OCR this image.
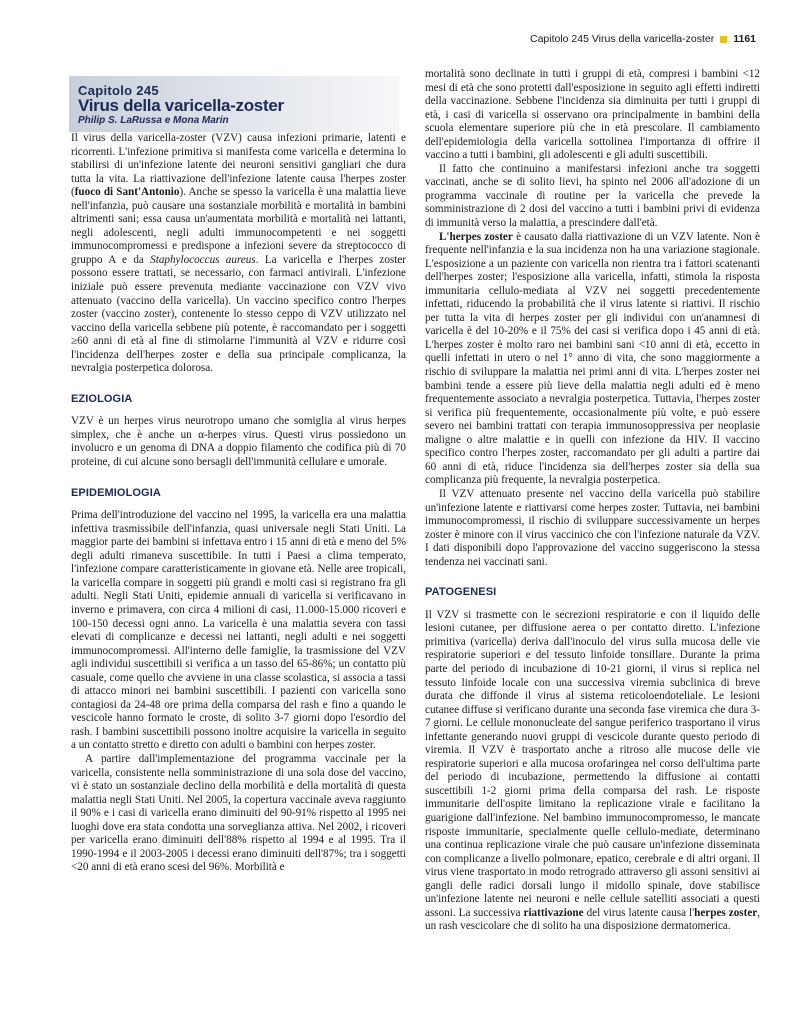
Capitolo 245 Virus della varicella-zoster 1161
Capitolo 245
Virus della varicella-zoster
Philip S. LaRussa e Mona Marin

Il virus della varicella-zoster (VZV) causa infezioni primarie, latenti e ricorrenti. L'infezione primitiva si manifesta come varicella e determina lo stabilirsi di un'infezione latente dei neuroni sensitivi gangliari che dura tutta la vita. La riattivazione dell'infezione latente causa l'herpes zoster (fuoco di Sant'Antonio). Anche se spesso la varicella è una malattia lieve nell'infanzia, può causare una sostanziale morbilità e mortalità in bambini altrimenti sani; essa causa un'aumentata morbilità e mortalità nei lattanti, negli adolescenti, negli adulti immunocompetenti e nei soggetti immunocompromessi e predispone a infezioni severe da streptococco di gruppo A e da Staphylococcus aureus. La varicella e l'herpes zoster possono essere trattati, se necessario, con farmaci antivirali. L'infezione iniziale può essere prevenuta mediante vaccinazione con VZV vivo attenuato (vaccino della varicella). Un vaccino specifico contro l'herpes zoster (vaccino zoster), contenente lo stesso ceppo di VZV utilizzato nel vaccino della varicella sebbene più potente, è raccomandato per i soggetti ≥60 anni di età al fine di stimolarne l'immunità al VZV e ridurre così l'incidenza dell'herpes zoster e della sua principale complicanza, la nevralgia posterpetica dolorosa.

EZIOLOGIA

VZV è un herpes virus neurotropo umano che somiglia al virus herpes simplex, che è anche un α-herpes virus. Questi virus possiedono un involucro e un genoma di DNA a doppio filamento che codifica più di 70 proteine, di cui alcune sono bersagli dell'immunità cellulare e umorale.

EPIDEMIOLOGIA

Prima dell'introduzione del vaccino nel 1995, la varicella era una malattia infettiva trasmissibile dell'infanzia, quasi universale negli Stati Uniti. La maggior parte dei bambini si infettava entro i 15 anni di età e meno del 5% degli adulti rimaneva suscettibile. In tutti i Paesi a clima temperato, l'infezione compare caratteristicamente in giovane età. Nelle aree tropicali, la varicella compare in soggetti più grandi e molti casi si registrano fra gli adulti. Negli Stati Uniti, epidemie annuali di varicella si verificavano in inverno e primavera, con circa 4 milioni di casi, 11.000-15.000 ricoveri e 100-150 decessi ogni anno. La varicella è una malattia severa con tassi elevati di complicanze e decessi nei lattanti, negli adulti e nei soggetti immunocompromessi. All'interno delle famiglie, la trasmissione del VZV agli individui suscettibili si verifica a un tasso del 65-86%; un contatto più casuale, come quello che avviene in una classe scolastica, si associa a tassi di attacco minori nei bambini suscettibili. I pazienti con varicella sono contagiosi da 24-48 ore prima della comparsa del rash e fino a quando le vescicole hanno formato le croste, di solito 3-7 giorni dopo l'esordio del rash. I bambini suscettibili possono inoltre acquisire la varicella in seguito a un contatto stretto e diretto con adulti o bambini con herpes zoster.

A partire dall'implementazione del programma vaccinale per la varicella, consistente nella somministrazione di una sola dose del vaccino, vi è stato un sostanziale declino della morbilità e della mortalità di questa malattia negli Stati Uniti. Nel 2005, la copertura vaccinale aveva raggiunto il 90% e i casi di varicella erano diminuiti del 90-91% rispetto al 1995 nei luoghi dove era stata condotta una sorveglianza attiva. Nel 2002, i ricoveri per varicella erano diminuiti dell'88% rispetto al 1994 e al 1995. Tra il 1990-1994 e il 2003-2005 i decessi erano diminuiti dell'87%; tra i soggetti <20 anni di età erano scesi del 96%. Morbilità e

mortalità sono declinate in tutti i gruppi di età, compresi i bambini <12 mesi di età che sono protetti dall'esposizione in seguito agli effetti indiretti della vaccinazione. Sebbene l'incidenza sia diminuita per tutti i gruppi di età, i casi di varicella si osservano ora principalmente in bambini della scuola elementare superiore più che in età prescolare. Il cambiamento dell'epidemiologia della varicella sottolinea l'importanza di offrire il vaccino a tutti i bambini, gli adolescenti e gli adulti suscettibili.

Il fatto che continuino a manifestarsi infezioni anche tra soggetti vaccinati, anche se di solito lievi, ha spinto nel 2006 all'adozione di un programma vaccinale di routine per la varicella che prevede la somministrazione di 2 dosi del vaccino a tutti i bambini privi di evidenza di immunità verso la malattia, a prescindere dall'età.

L'herpes zoster è causato dalla riattivazione di un VZV latente. Non è frequente nell'infanzia e la sua incidenza non ha una variazione stagionale. L'esposizione a un paziente con varicella non rientra tra i fattori scatenanti dell'herpes zoster; l'esposizione alla varicella, infatti, stimola la risposta immunitaria cellulo-mediata al VZV nei soggetti precedentemente infettati, riducendo la probabilità che il virus latente si riattivi. Il rischio per tutta la vita di herpes zoster per gli individui con un'anamnesi di varicella è del 10-20% e il 75% dei casi si verifica dopo i 45 anni di età. L'herpes zoster è molto raro nei bambini sani <10 anni di età, eccetto in quelli infettati in utero o nel 1° anno di vita, che sono maggiormente a rischio di sviluppare la malattia nei primi anni di vita. L'herpes zoster nei bambini tende a essere più lieve della malattia negli adulti ed è meno frequentemente associato a nevralgia posterpetica. Tuttavia, l'herpes zoster si verifica più frequentemente, occasionalmente più volte, e può essere severo nei bambini trattati con terapia immunosoppressiva per neoplasie maligne o altre malattie e in quelli con infezione da HIV. Il vaccino specifico contro l'herpes zoster, raccomandato per gli adulti a partire dai 60 anni di età, riduce l'incidenza sia dell'herpes zoster sia della sua complicanza più frequente, la nevralgia posterpetica.

Il VZV attenuato presente nel vaccino della varicella può stabilire un'infezione latente e riattivarsi come herpes zoster. Tuttavia, nei bambini immunocompromessi, il rischio di sviluppare successivamente un herpes zoster è minore con il virus vaccinico che con l'infezione naturale da VZV. I dati disponibili dopo l'approvazione del vaccino suggeriscono la stessa tendenza nei vaccinati sani.

PATOGENESI

Il VZV si trasmette con le secrezioni respiratorie e con il liquido delle lesioni cutanee, per diffusione aerea o per contatto diretto. L'infezione primitiva (varicella) deriva dall'inoculo del virus sulla mucosa delle vie respiratorie superiori e del tessuto linfoide tonsillare. Durante la prima parte del periodo di incubazione di 10-21 giorni, il virus si replica nel tessuto linfoide locale con una successiva viremia subclinica di breve durata che diffonde il virus al sistema reticoloendoteliale. Le lesioni cutanee diffuse si verificano durante una seconda fase viremica che dura 3-7 giorni. Le cellule mononucleate del sangue periferico trasportano il virus infettante generando nuovi gruppi di vescicole durante questo periodo di viremia. Il VZV è trasportato anche a ritroso alle mucose delle vie respiratorie superiori e alla mucosa orofaringea nel corso dell'ultima parte del periodo di incubazione, permettendo la diffusione ai contatti suscettibili 1-2 giorni prima della comparsa del rash. Le risposte immunitarie dell'ospite limitano la replicazione virale e facilitano la guarigione dall'infezione. Nel bambino immunocompromesso, le mancate risposte immunitarie, specialmente quelle cellulo-mediate, determinano una continua replicazione virale che può causare un'infezione disseminata con complicanze a livello polmonare, epatico, cerebrale e di altri organi. Il virus viene trasportato in modo retrogrado attraverso gli assoni sensitivi ai gangli delle radici dorsali lungo il midollo spinale, dove stabilisce un'infezione latente nei neuroni e nelle cellule satelliti associati a questi assoni. La successiva riattivazione del virus latente causa l'herpes zoster, un rash vescicolare che di solito ha una disposizione dermatomerica.
